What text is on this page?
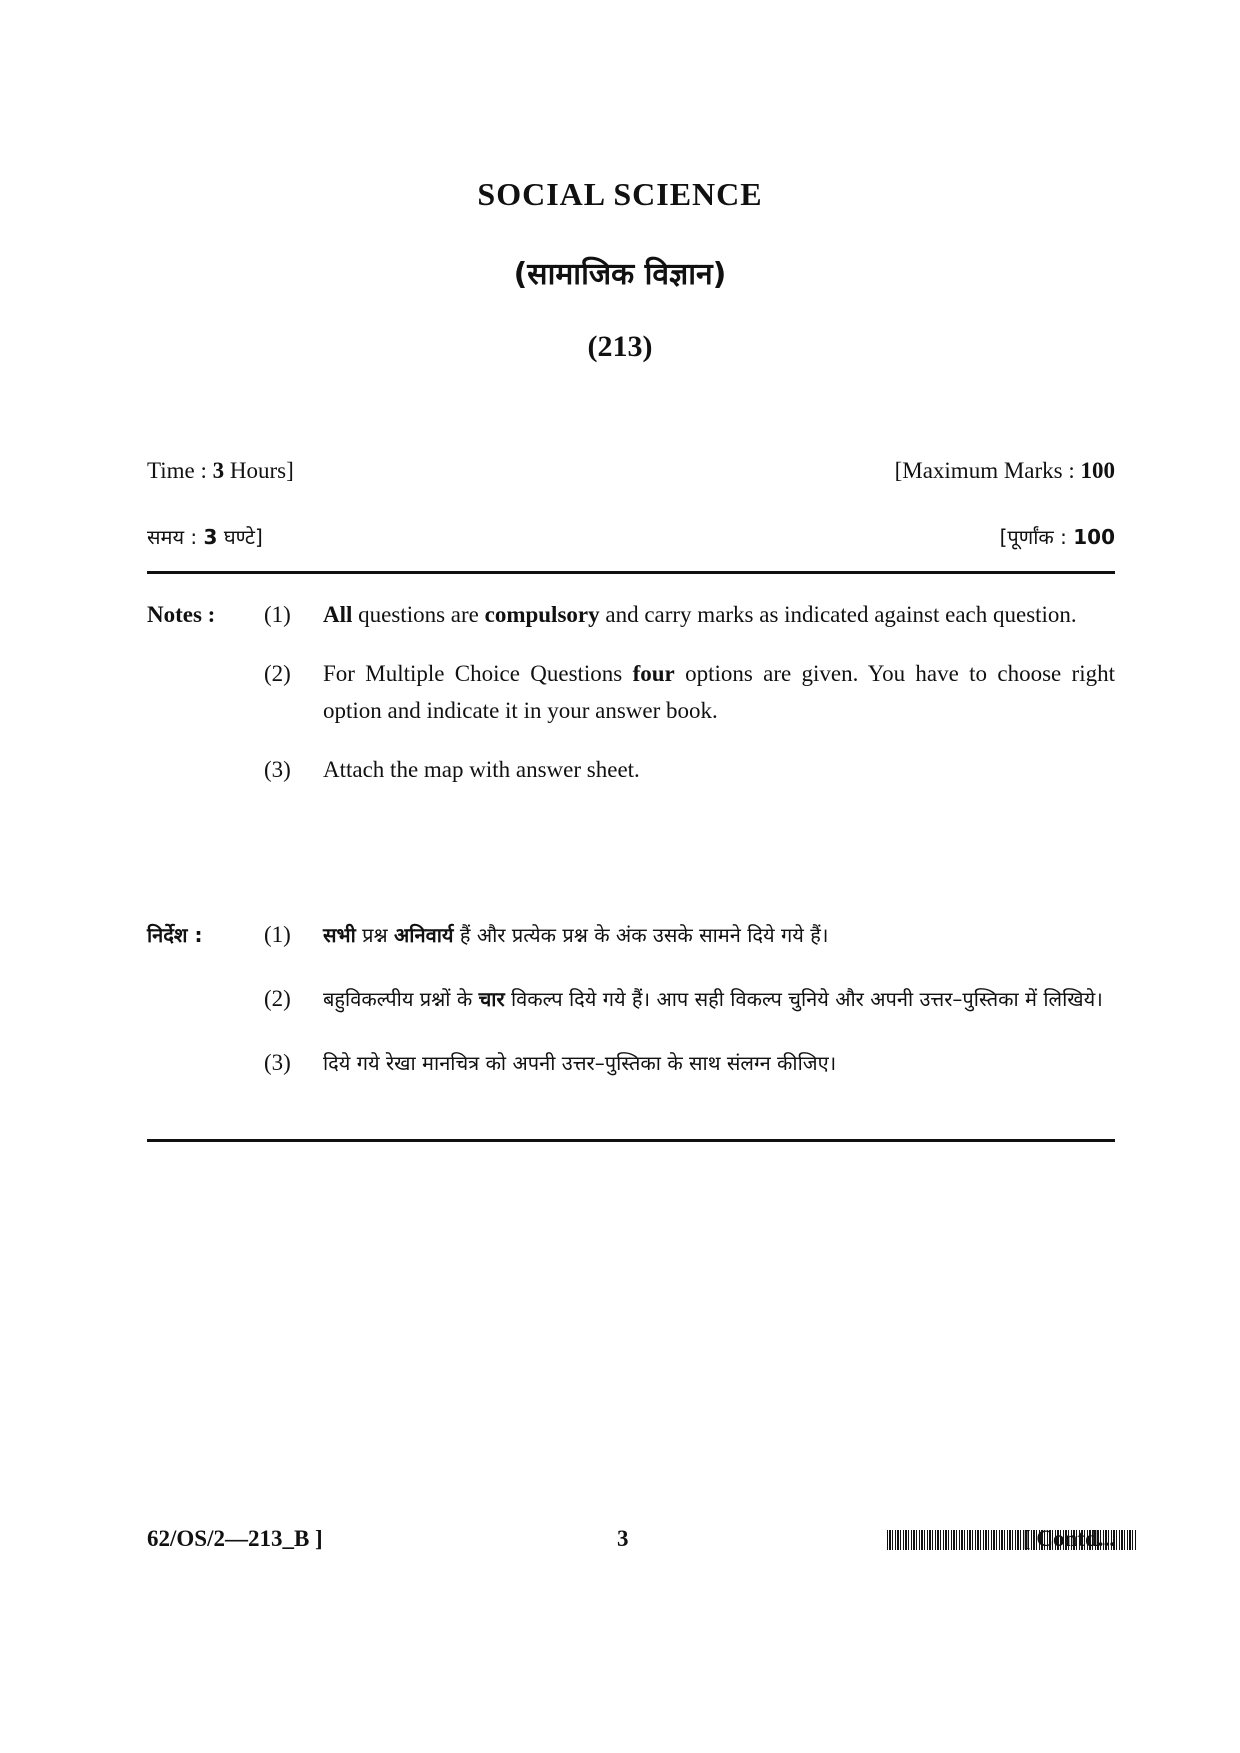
SOCIAL SCIENCE
(सामाजिक विज्ञान)
(213)
Time : 3 Hours]	[Maximum Marks : 100
समय : 3 घण्टे]	[पूर्णांक : 100
Notes : (1) All questions are compulsory and carry marks as indicated against each question.
(2) For Multiple Choice Questions four options are given. You have to choose right option and indicate it in your answer book.
(3) Attach the map with answer sheet.
निर्देश :	(1) सभी प्रश्न अनिवार्य हैं और प्रत्येक प्रश्न के अंक उसके सामने दिये गये हैं।
(2) बहुविकल्पीय प्रश्नों के चार विकल्प दिये गये हैं। आप सही विकल्प चुनिये और अपनी उत्तर–पुस्तिका में लिखिये।
(3) दिये गये रेखा मानचित्र को अपनी उत्तर–पुस्तिका के साथ संलग्न कीजिए।
62/OS/2—213_B ]	3	[ Contd...
